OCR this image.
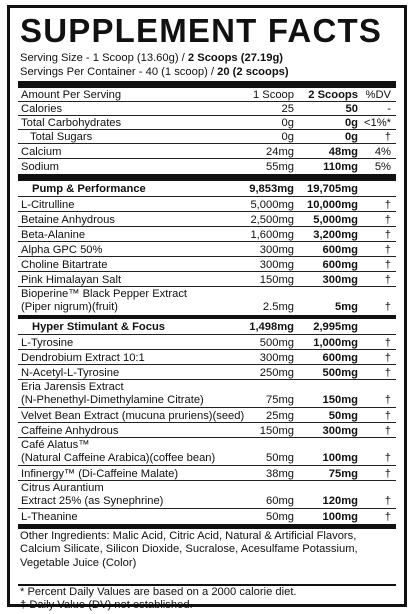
SUPPLEMENT FACTS
Serving Size - 1 Scoop (13.60g) / 2 Scoops (27.19g)
Servings Per Container - 40 (1 scoop) / 20 (2 scoops)
Amount Per Serving	1 Scoop 2 Scoops %DV
Calories	25	50	-
Total Carbohydrates	0g	0g <1%*
Total Sugars	0g	0g †
Calcium	24mg	48mg 4%
Sodium	55mg	110mg 5%
Pump & Performance	9,853mg 19,705mg
L-Citrulline	5,000mg 10,000mg †
Betaine Anhydrous	2,500mg 5,000mg †
Beta-Alanine	1,600mg 3,200mg †
Alpha GPC 50%	300mg	600mg †
Choline Bitartrate	300mg	600mg †
Pink Himalayan Salt	150mg	300mg †
Bioperine™ Black Pepper Extract
(Piper nigrum)(fruit)	2.5mg	5mg †
Hyper Stimulant & Focus	1,498mg 2,995mg
L-Tyrosine	500mg 1,000mg †
Dendrobium Extract 10:1	300mg	600mg †
N-Acetyl-L-Tyrosine	250mg	500mg †
Eria Jarensis Extract
(N-Phenethyl-Dimethylamine Citrate)	75mg	150mg †
Velvet Bean Extract (mucuna pruriens)(seed) 25mg	50mg †
Caffeine Anhydrous	150mg	300mg †
Café Alatus™
(Natural Caffeine Arabica)(coffee bean)	50mg	100mg †
Infinergy™ (Di-Caffeine Malate)	38mg	75mg †
Citrus Aurantium
Extract 25% (as Synephrine)	60mg	120mg †
L-Theanine	50mg	100mg †
Other Ingredients: Malic Acid, Citric Acid, Natural & Artificial Flavors, Calcium Silicate, Silicon Dioxide, Sucralose, Acesulfame Potassium, Vegetable Juice (Color)
* Percent Daily Values are based on a 2000 calorie diet.
† Daily Value (DV) not established.
